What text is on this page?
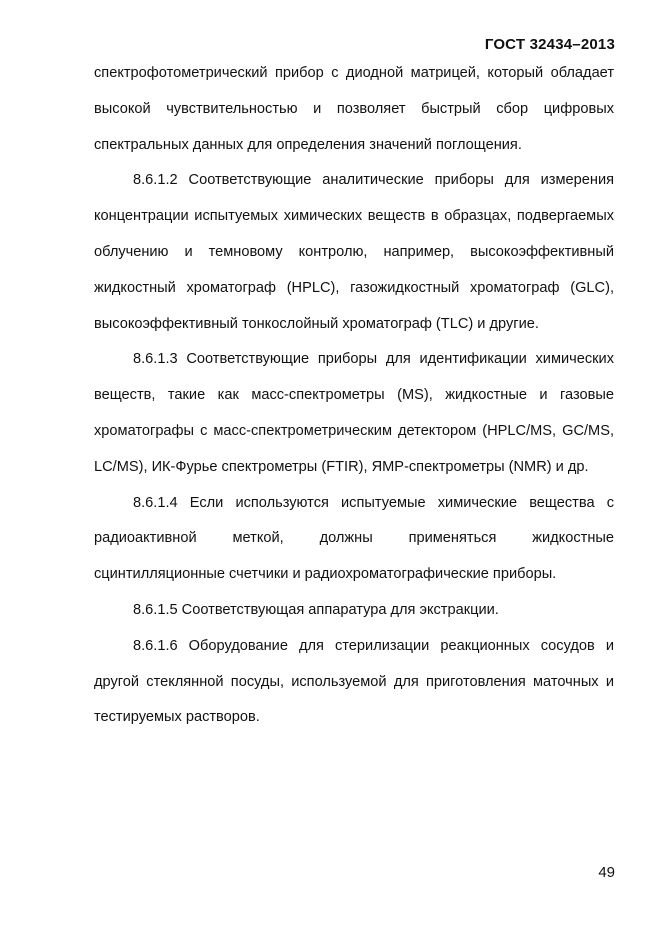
ГОСТ 32434–2013

спектрофотометрический прибор с диодной матрицей, который обладает высокой чувствительностью и позволяет быстрый сбор цифровых спектральных данных для определения значений поглощения.

8.6.1.2 Соответствующие аналитические приборы для измерения концентрации испытуемых химических веществ в образцах, подвергаемых облучению и темновому контролю, например, высокоэффективный жидкостный хроматограф (HPLC), газожидкостный хроматограф (GLC), высокоэффективный тонкослойный хроматограф (TLC) и другие.

8.6.1.3 Соответствующие приборы для идентификации химических веществ, такие как масс-спектрометры (MS), жидкостные и газовые хроматографы с масс-спектрометрическим детектором (HPLC/MS, GC/MS, LC/MS), ИК-Фурье спектрометры (FTIR), ЯМР-спектрометры (NMR) и др.

8.6.1.4 Если используются испытуемые химические вещества с радиоактивной меткой, должны применяться жидкостные сцинтилляционные счетчики и радиохроматографические приборы.

8.6.1.5 Соответствующая аппаратура для экстракции.

8.6.1.6 Оборудование для стерилизации реакционных сосудов и другой стеклянной посуды, используемой для приготовления маточных и тестируемых растворов.

49
